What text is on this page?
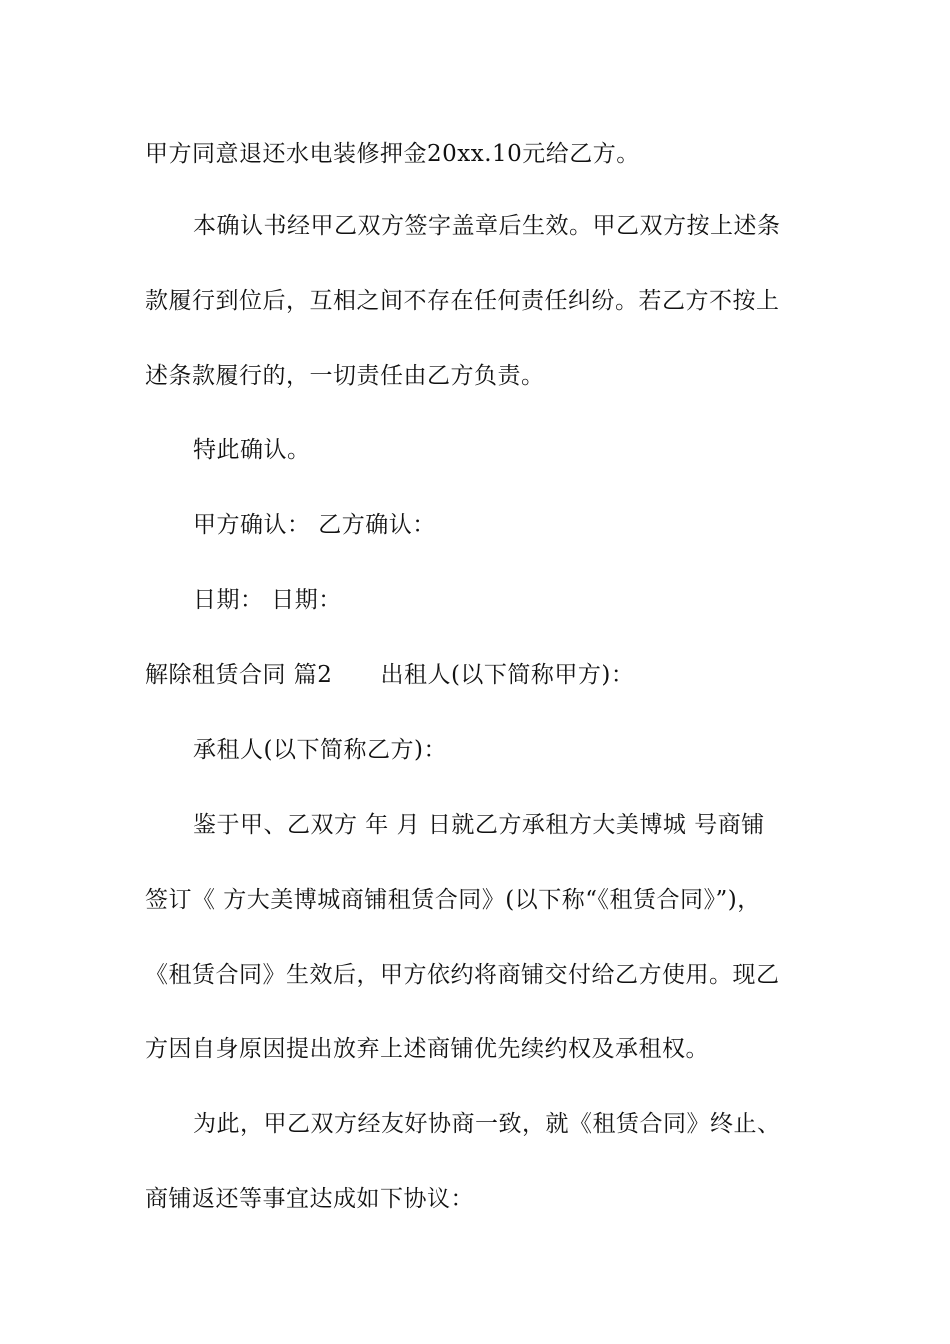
甲方同意退还水电装修押金20xx.10元给乙方。
本确认书经甲乙双方签字盖章后生效。甲乙双方按上述条
款履行到位后，互相之间不存在任何责任纠纷。若乙方不按上
述条款履行的，一切责任由乙方负责。
特此确认。
甲方确认： 乙方确认：
日期： 日期：
解除租赁合同 篇2 出租人(以下简称甲方)：
承租人(以下简称乙方)：
鉴于甲、乙双方 年 月 日就乙方承租方大美博城 号商铺
签订《 方大美博城商铺租赁合同》(以下称“《租赁合同》”)，
《租赁合同》生效后，甲方依约将商铺交付给乙方使用。现乙
方因自身原因提出放弃上述商铺优先续约权及承租权。
为此，甲乙双方经友好协商一致，就《租赁合同》终止、
商铺返还等事宜达成如下协议：
